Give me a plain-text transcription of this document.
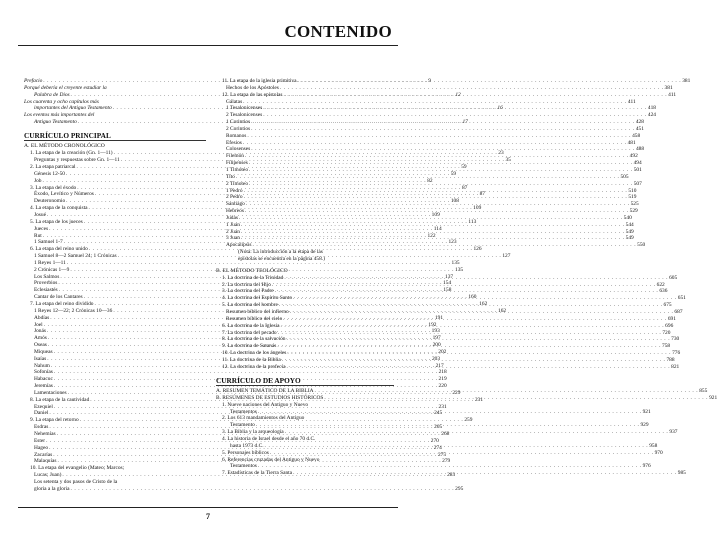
CONTENIDO
Prefacio . . .	9
Porqué debería el creyente estudiar la
Palabra de Dios . . .	12
Los cuarenta y ocho capítulos más
importantes del Antiguo Testamento . . .	16
Los eventos más importantes del
Antiguo Testamento . . .	17
CURRÍCULO PRINCIPAL
A. EL MÉTODO CRONOLÓGICO
1. La etapa de la creación (Gn. 1—11) . . .	23
Preguntas y respuestas sobre Gn. 1—11 . . .	35
2. La etapa patriarcal . . .	59
Génesis 12-50 . . .	59
Job . . .	82
3. La etapa del éxodo . . .	87
Éxodo, Levítico y Números . . .	87
Deuteronomio . . .	108
4. La etapa de la conquista . . .	109
Josué . . .	109
5. La etapa de los jueces . . .	113
Jueces . . .	114
Rut . . .	122
1 Samuel 1-7 . . .	123
6. La etapa del reino unido . . .	126
1 Samuel 8—2 Samuel 24; 1 Crónicas . . .	127
1 Reyes 1—11 . . .	135
2 Crónicas 1—9 . . .	135
Los Salmos . . .	137
Proverbios . . .	154
Eclesiastés . . .	158
Cantar de los Cantares . . .	160
7. La etapa del reino dividido . . .	162
1 Reyes 12—22; 2 Crónicas 10—36 . . .	162
Abdías . . .	191
Joel . . .	192
Jonás . . .	193
Amós . . .	197
Oseas . . .	200
Miqueas . . .	202
Isaías . . .	203
Nahum . . .	217
Sofonías . . .	218
Habacuc . . .	219
Jeremías . . .	220
Lamentaciones . . .	229
8. La etapa de la cautividad . . .	231
Ezequiel . . .	231
Daniel . . .	245
9. La etapa del retorno . . .	259
Esdras . . .	265
Nehemías . . .	268
Ester . . .	270
Hageo . . .	274
Zacarías . . .	275
Malaquías . . .	279
10. La etapa del evangelio (Mateo; Marcos;
Lucas; Juan) . . .	283
Los setenta y dos pasos de Cristo de la
gloria a la gloria . . .	295
11. La etapa de la iglesia primitiva . . .	381
Hechos de los Apóstoles . . .	381
12. La etapa de las epístolas . . .	411
Gálatas . . .	411
1 Tesalonicenses . . .	418
2 Tesalonicenses . . .	424
1 Corintios . . .	428
2 Corintios . . .	451
Romanos . . .	458
Efesios . . .	481
Colosenses . . .	488
Filemón . . .	492
Filipenses . . .	494
1 Timoteo . . .	501
Tito . . .	505
2 Timoteo . . .	507
1 Pedro . . .	510
2 Pedro . . .	519
Santiago . . .	525
Hebreos . . .	529
Judas . . .	540
1 Juan . . .	544
2 Juan . . .	549
3 Juan . . .	549
Apocalipsis . . .	550
(Nota: La introducción a la etapa de las
epístolas se encuentra en la página 458.)
B. EL MÉTODO TEOLÓGICO
1. La doctrina de la Trinidad . . .	605
2. La doctrina del Hijo . . .	622
3. La doctrina del Padre . . .	636
4. La doctrina del Espíritu Santo . . .	651
5. La doctrina del hombre . . .	675
Resumen bíblico del infierno . . .	687
Resumen bíblico del cielo . . .	691
6. La doctrina de la Iglesia . . .	696
7. La doctrina del pecado . . .	720
8. La doctrina de la salvación . . .	730
9. La doctrina de Satanás . . .	758
10. La doctrina de los ángeles . . .	776
11. La doctrina de la Biblia . . .	788
12. La doctrina de la profecía . . .	821
CURRÍCULO DE APOYO
A. RESUMEN TEMÁTICO DE LA BIBLIA . . .	855
B. RESÚMENES DE ESTUDIOS HISTÓRICOS . . .	921
1. Nueve naciones del Antiguo y Nuevo
Testamentos . . .	921
2. Los 613 mandamientos del Antiguo
Testamento . . .	929
3. La Biblia y la arqueología . . .	937
4. La historia de Israel desde el año 70 d.C.
hasta 1973 d.C. . . .	958
5. Personajes bíblicos . . .	970
6. Referencias cruzadas del Antiguo y Nuevo
Testamentos . . .	976
7. Estadísticas de la Tierra Santa . . .	985
7
